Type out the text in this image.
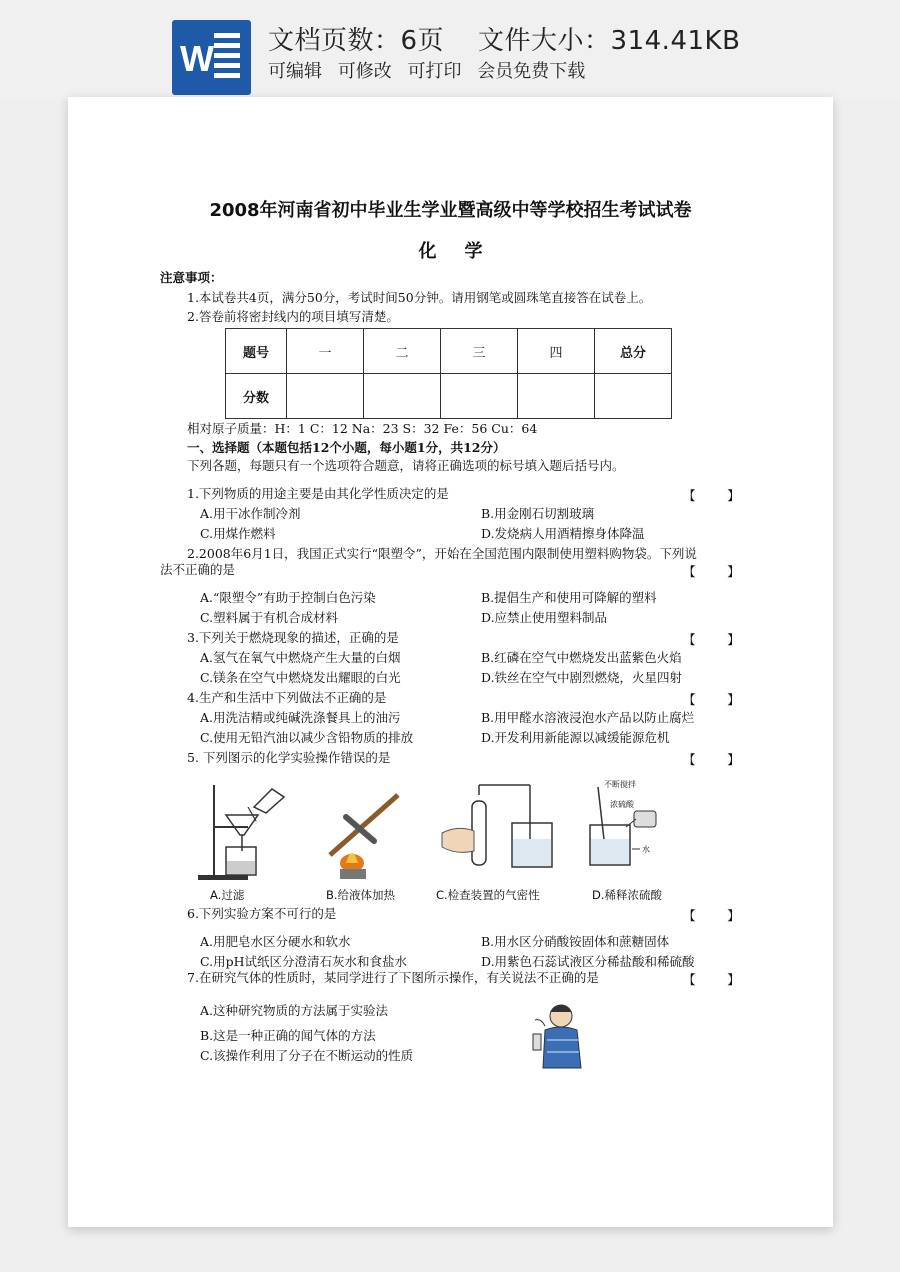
W 文档页数：6页 文件大小：314.41KB
可编辑 可修改 可打印 会员免费下载
2008年河南省初中毕业生学业暨高级中等学校招生考试试卷
化学
注意事项：
1.本试卷共4页，满分50分，考试时间50分钟。请用钢笔或圆珠笔直接答在试卷上。
2.答卷前将密封线内的项目填写清楚。
题号	一	二	三	四	总分
分数					
相对原子质量：H：1 C：12 Na：23 S：32 Fe：56 Cu：64
一、选择题（本题包括12个小题，每小题1分，共12分）
下列各题，每题只有一个选项符合题意，请将正确选项的标号填入题后括号内。
1.下列物质的用途主要是由其化学性质决定的是	【        】
A.用干冰作制冷剂	B.用金刚石切割玻璃
C.用煤作燃料	D.发烧病人用酒精擦身体降温
2.2008年6月1日，我国正式实行“限塑令”，开始在全国范围内限制使用塑料购物袋。下列说
法不正确的是	【        】
A.“限塑令”有助于控制白色污染	B.提倡生产和使用可降解的塑料
C.塑料属于有机合成材料	D.应禁止使用塑料制品
3.下列关于燃烧现象的描述，正确的是	【        】
A.氢气在氧气中燃烧产生大量的白烟	B.红磷在空气中燃烧发出蓝紫色火焰
C.镁条在空气中燃烧发出耀眼的白光	D.铁丝在空气中剧烈燃烧，火星四射
4.生产和生活中下列做法不正确的是	【        】
A.用洗洁精或纯碱洗涤餐具上的油污	B.用甲醛水溶液浸泡水产品以防止腐烂
C.使用无铅汽油以减少含铅物质的排放	D.开发利用新能源以减缓能源危机
5. 下列图示的化学实验操作错误的是	【        】
A.过滤	B.给液体加热	C.检查装置的气密性
不断搅拌
浓硫酸
水
D.稀释浓硫酸
6.下列实验方案不可行的是	【        】
A.用肥皂水区分硬水和软水	B.用水区分硝酸铵固体和蔗糖固体
C.用pH试纸区分澄清石灰水和食盐水	D.用紫色石蕊试液区分稀盐酸和稀硫酸
7.在研究气体的性质时，某同学进行了下图所示操作，有关说法不正确的是	【        】
A.这种研究物质的方法属于实验法
B.这是一种正确的闻气体的方法
C.该操作利用了分子在不断运动的性质
